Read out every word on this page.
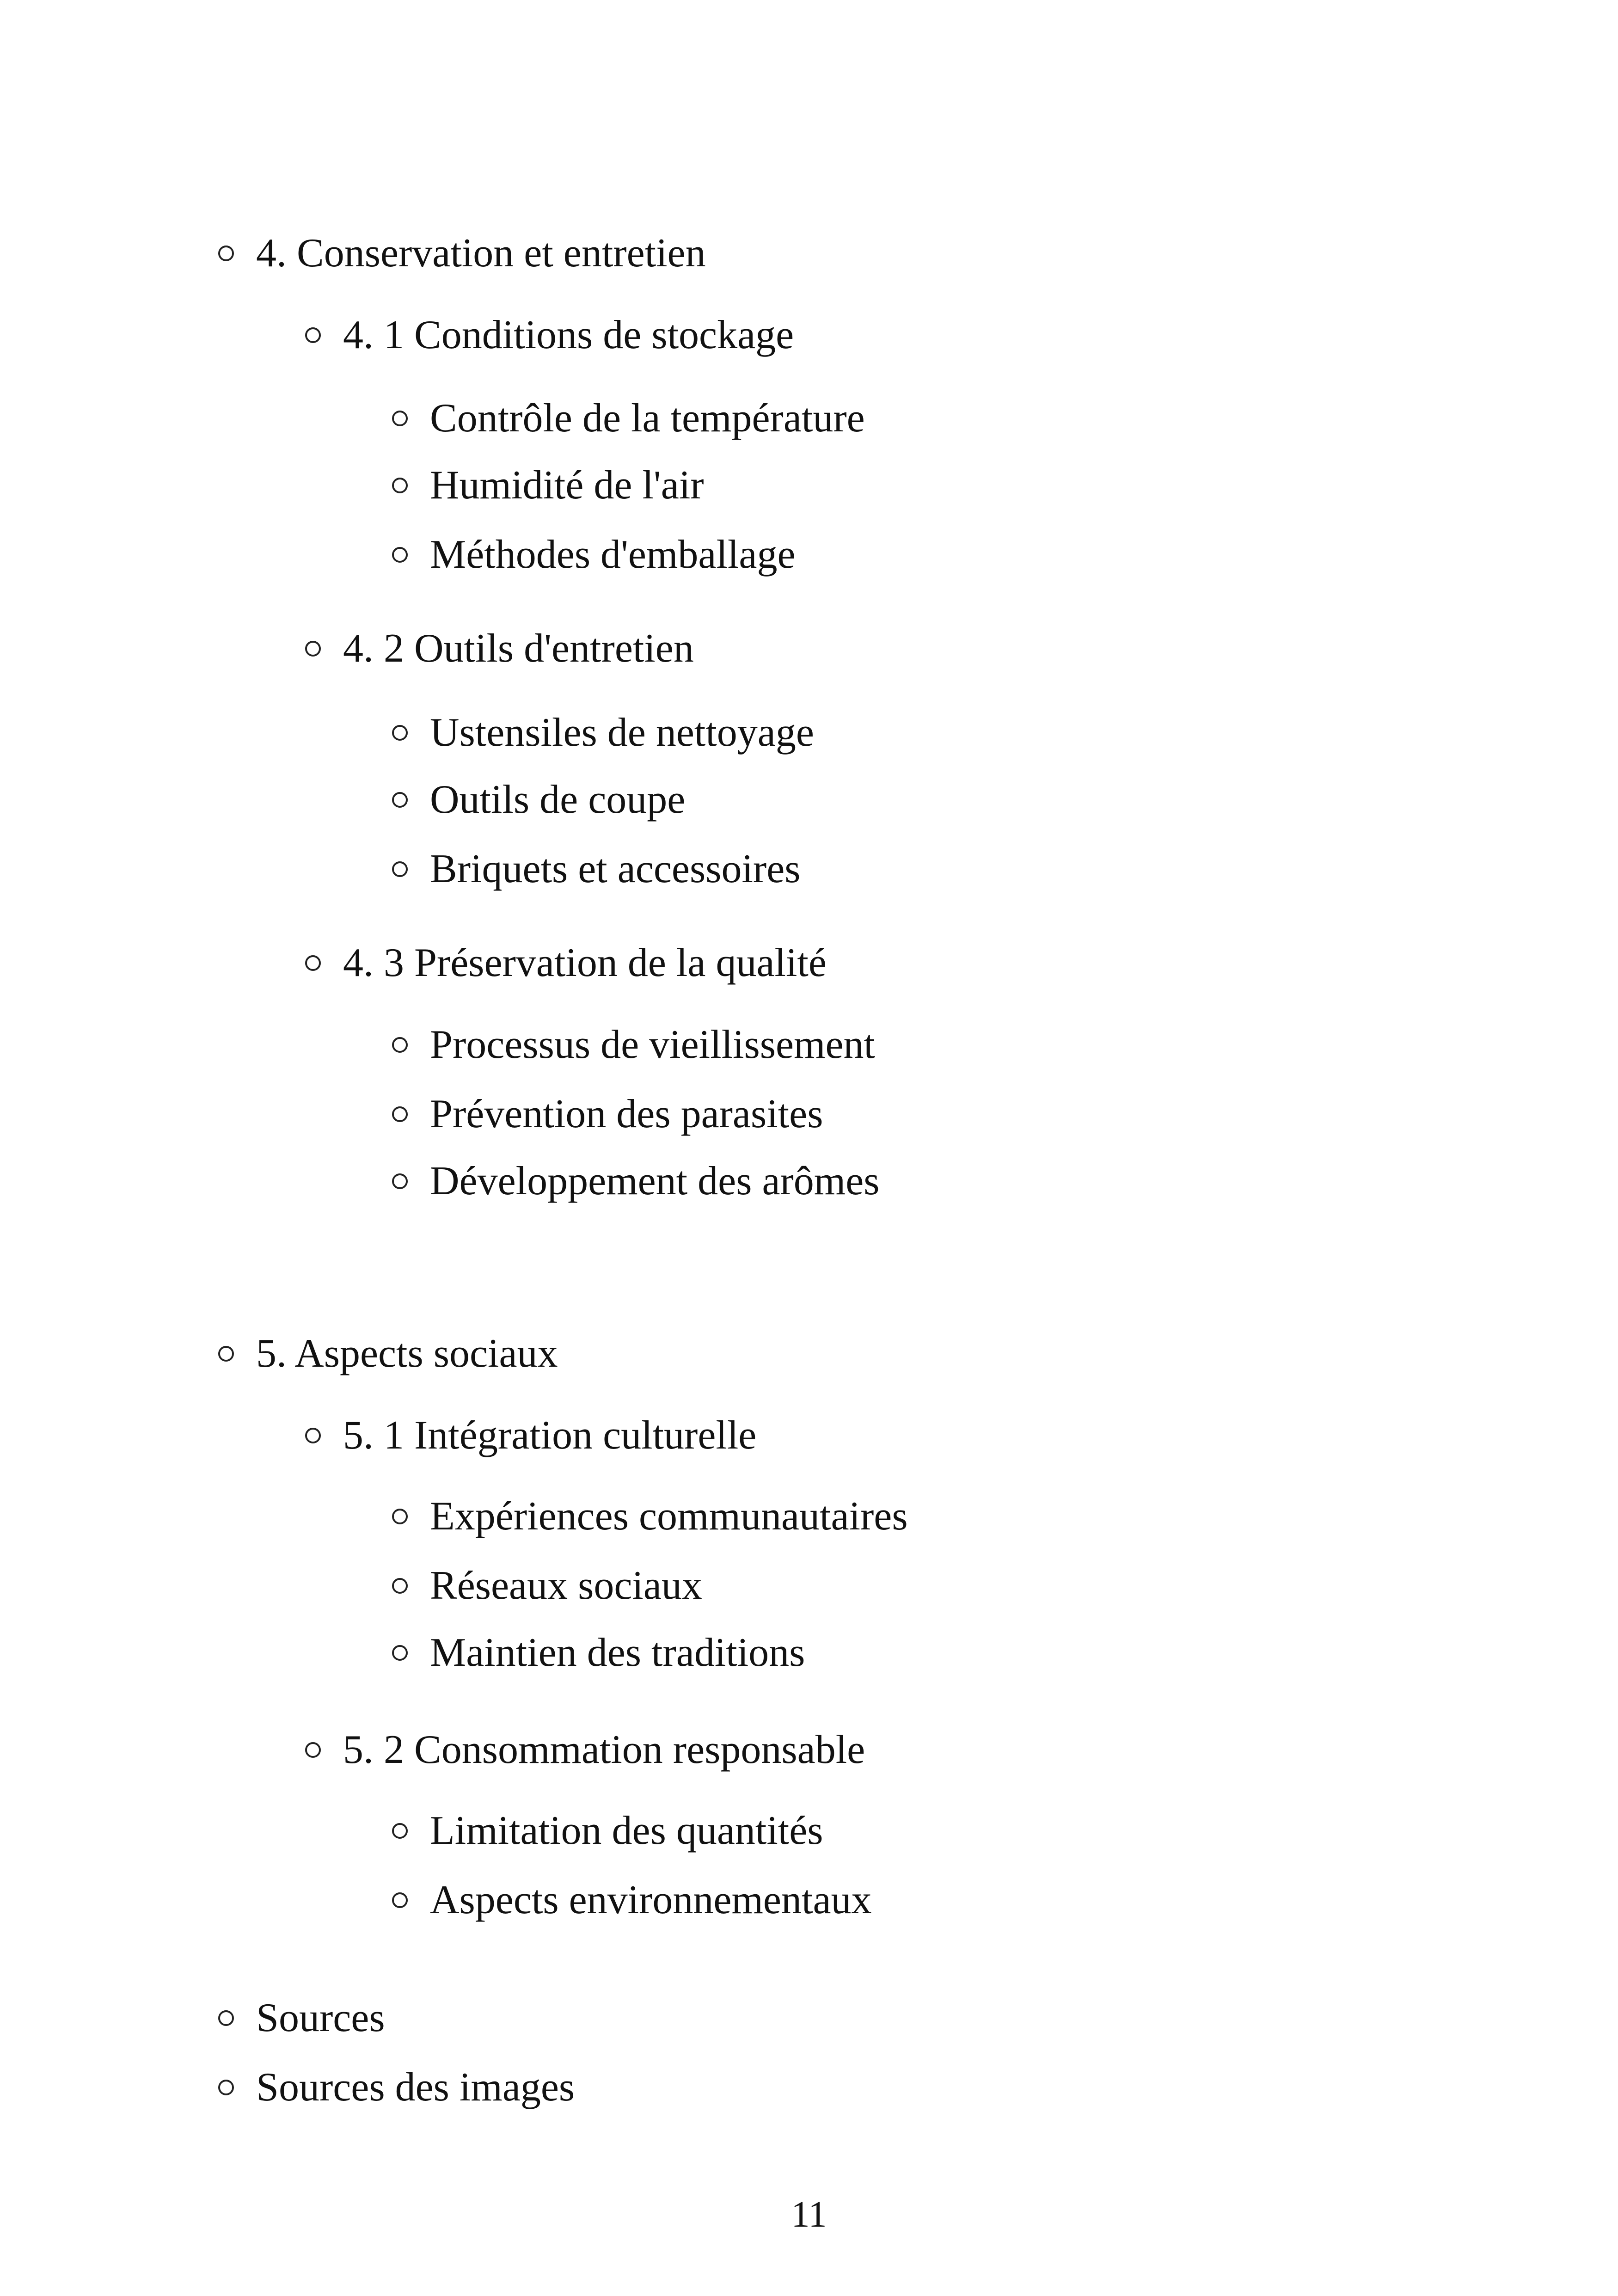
4. Conservation et entretien
4. 1 Conditions de stockage
Contrôle de la température
Humidité de l'air
Méthodes d'emballage
4. 2 Outils d'entretien
Ustensiles de nettoyage
Outils de coupe
Briquets et accessoires
4. 3 Préservation de la qualité
Processus de vieillissement
Prévention des parasites
Développement des arômes
5. Aspects sociaux
5. 1 Intégration culturelle
Expériences communautaires
Réseaux sociaux
Maintien des traditions
5. 2 Consommation responsable
Limitation des quantités
Aspects environnementaux
Sources
Sources des images
11
